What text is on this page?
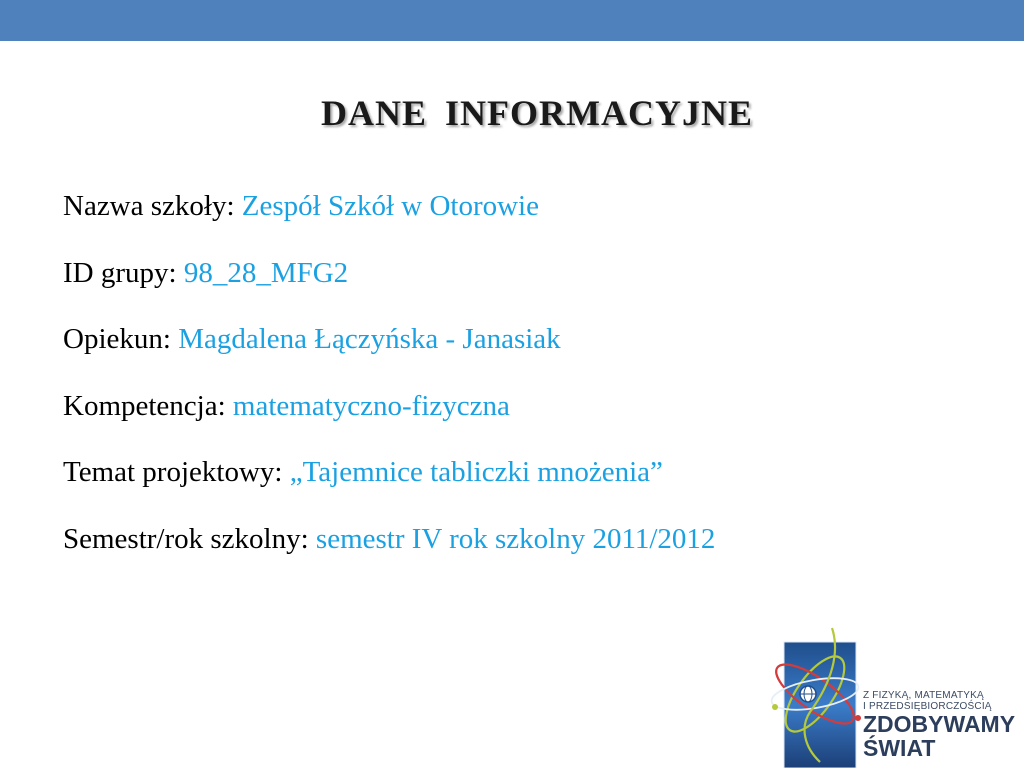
DANE INFORMACYJNE
Nazwa szkoły: Zespół Szkół w Otorowie
ID grupy: 98_28_MFG2
Opiekun: Magdalena Łączyńska - Janasiak
Kompetencja: matematyczno-fizyczna
Temat projektowy: „Tajemnice tabliczki mnożenia”
Semestr/rok szkolny: semestr IV rok szkolny 2011/2012
Z FIZYKĄ, MATEMATYKĄ
I PRZEDSIĘBIORCZOŚCIĄ
ZDOBYWAMY
ŚWIAT
